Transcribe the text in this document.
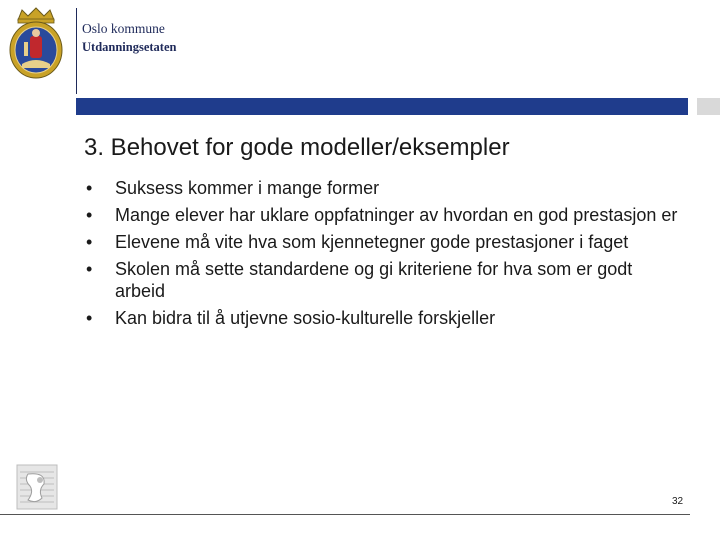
Oslo kommune
Utdanningsetaten
3. Behovet for gode modeller/eksempler
• Suksess kommer i mange former
• Mange elever har uklare oppfatninger av hvordan en god prestasjon er
• Elevene må vite hva som kjennetegner gode prestasjoner i faget
• Skolen må sette standardene og gi kriteriene for hva som er godt arbeid
• Kan bidra til å utjevne sosio-kulturelle forskjeller
32
